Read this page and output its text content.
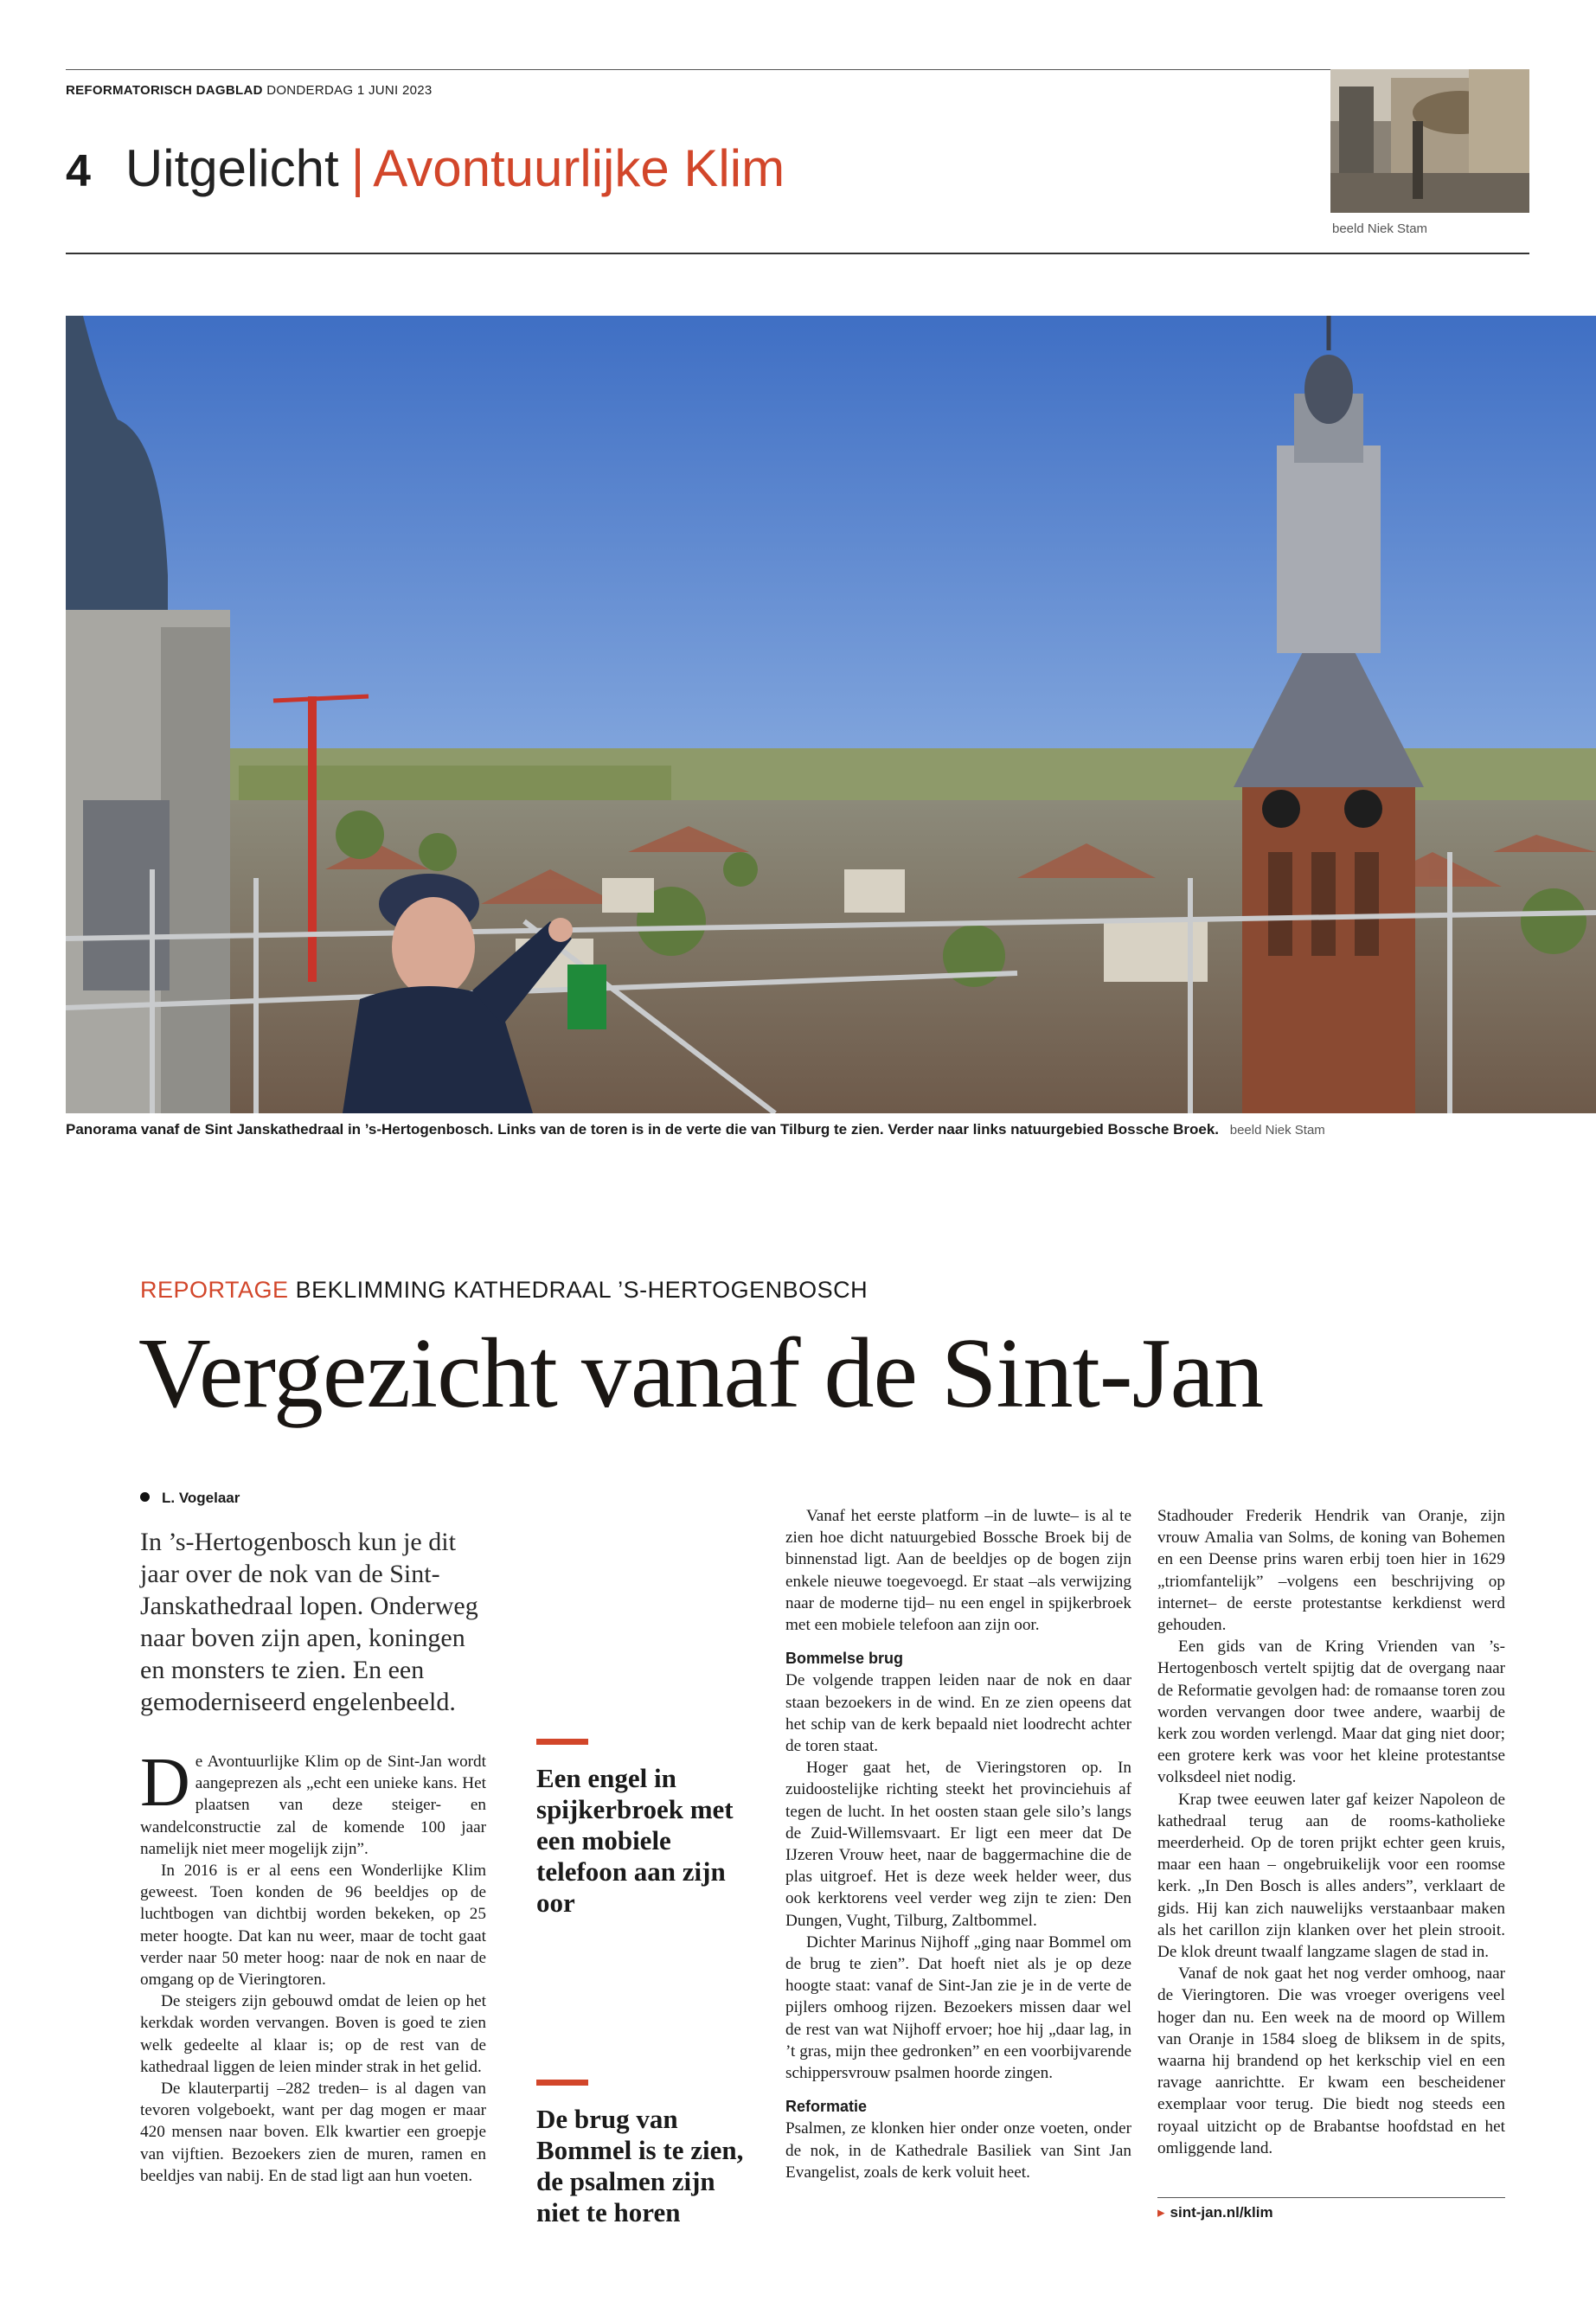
REFORMATORISCH DAGBLAD DONDERDAG 1 JUNI 2023
4 Uitgelicht | Avontuurlijke Klim
beeld Niek Stam
Panorama vanaf de Sint Janskathedraal in ’s-Hertogenbosch. Links van de toren is in de verte die van Tilburg te zien. Verder naar links natuurgebied Bossche Broek. beeld Niek Stam
REPORTAGE BEKLIMMING KATHEDRAAL ’S-HERTOGENBOSCH
Vergezicht vanaf de Sint-Jan
L. Vogelaar

In ’s-Hertogenbosch kun je dit jaar over de nok van de Sint-Janskathedraal lopen. Onderweg naar boven zijn apen, koningen en monsters te zien. En een gemoderniseerd engelenbeeld.

De Avontuurlijke Klim op de Sint-Jan wordt aangeprezen als „echt een unieke kans. Het plaatsen van deze steiger- en wandelconstructie zal de komende 100 jaar namelijk niet meer mogelijk zijn”.

In 2016 is er al eens een Wonderlijke Klim geweest. Toen konden de 96 beeldjes op de luchtbogen van dichtbij worden bekeken, op 25 meter hoogte. Dat kan nu weer, maar de tocht gaat verder naar 50 meter hoog: naar de nok en naar de omgang op de Vieringtoren.

De steigers zijn gebouwd omdat de leien op het kerkdak worden vervangen. Boven is goed te zien welk gedeelte al klaar is; op de rest van de kathedraal liggen de leien minder strak in het gelid.

De klauterpartij –282 treden– is al dagen van tevoren volgeboekt, want per dag mogen er maar 420 mensen naar boven. Elk kwartier een groepje van vijftien. Bezoekers zien de muren, ramen en beeldjes van nabij. En de stad ligt aan hun voeten.

Een engel in spijkerbroek met een mobiele telefoon aan zijn oor

De brug van Bommel is te zien, de psalmen zijn niet te horen

Vanaf het eerste platform –in de luwte– is al te zien hoe dicht natuurgebied Bossche Broek bij de binnenstad ligt. Aan de beeldjes op de bogen zijn enkele nieuwe toegevoegd. Er staat –als verwijzing naar de moderne tijd– nu een engel in spijkerbroek met een mobiele telefoon aan zijn oor.

Bommelse brug

De volgende trappen leiden naar de nok en daar staan bezoekers in de wind. En ze zien opeens dat het schip van de kerk bepaald niet loodrecht achter de toren staat.

Hoger gaat het, de Vieringstoren op. In zuidoostelijke richting steekt het provinciehuis af tegen de lucht. In het oosten staan gele silo’s langs de Zuid-Willemsvaart. Er ligt een meer dat De IJzeren Vrouw heet, naar de baggermachine die de plas uitgroef. Het is deze week helder weer, dus ook kerktorens veel verder weg zijn te zien: Den Dungen, Vught, Tilburg, Zaltbommel.

Dichter Marinus Nijhoff „ging naar Bommel om de brug te zien”. Dat hoeft niet als je op deze hoogte staat: vanaf de Sint-Jan zie je in de verte de pijlers omhoog rijzen. Bezoekers missen daar wel de rest van wat Nijhoff ervoer; hoe hij „daar lag, in ’t gras, mijn thee gedronken” en een voorbijvarende schippersvrouw psalmen hoorde zingen.

Reformatie

Psalmen, ze klonken hier onder onze voeten, onder de nok, in de Kathedrale Basiliek van Sint Jan Evangelist, zoals de kerk voluit heet.

Stadhouder Frederik Hendrik van Oranje, zijn vrouw Amalia van Solms, de koning van Bohemen en een Deense prins waren erbij toen hier in 1629 „triomfantelijk” –volgens een beschrijving op internet– de eerste protestantse kerkdienst werd gehouden.

Een gids van de Kring Vrienden van ’s-Hertogenbosch vertelt spijtig dat de overgang naar de Reformatie gevolgen had: de romaanse toren zou worden vervangen door twee andere, waarbij de kerk zou worden verlengd. Maar dat ging niet door; een grotere kerk was voor het kleine protestantse volksdeel niet nodig.

Krap twee eeuwen later gaf keizer Napoleon de kathedraal terug aan de rooms-katholieke meerderheid. Op de toren prijkt echter geen kruis, maar een haan – ongebruikelijk voor een roomse kerk. „In Den Bosch is alles anders”, verklaart de gids. Hij kan zich nauwelijks verstaanbaar maken als het carillon zijn klanken over het plein strooit. De klok dreunt twaalf langzame slagen de stad in.

Vanaf de nok gaat het nog verder omhoog, naar de Vieringtoren. Die was vroeger overigens veel hoger dan nu. Een week na de moord op Willem van Oranje in 1584 sloeg de bliksem in de spits, waarna hij brandend op het kerkschip viel en een ravage aanrichtte. Er kwam een bescheidener exemplaar voor terug. Die biedt nog steeds een royaal uitzicht op de Brabantse hoofdstad en het omliggende land.

▸ sint-jan.nl/klim
